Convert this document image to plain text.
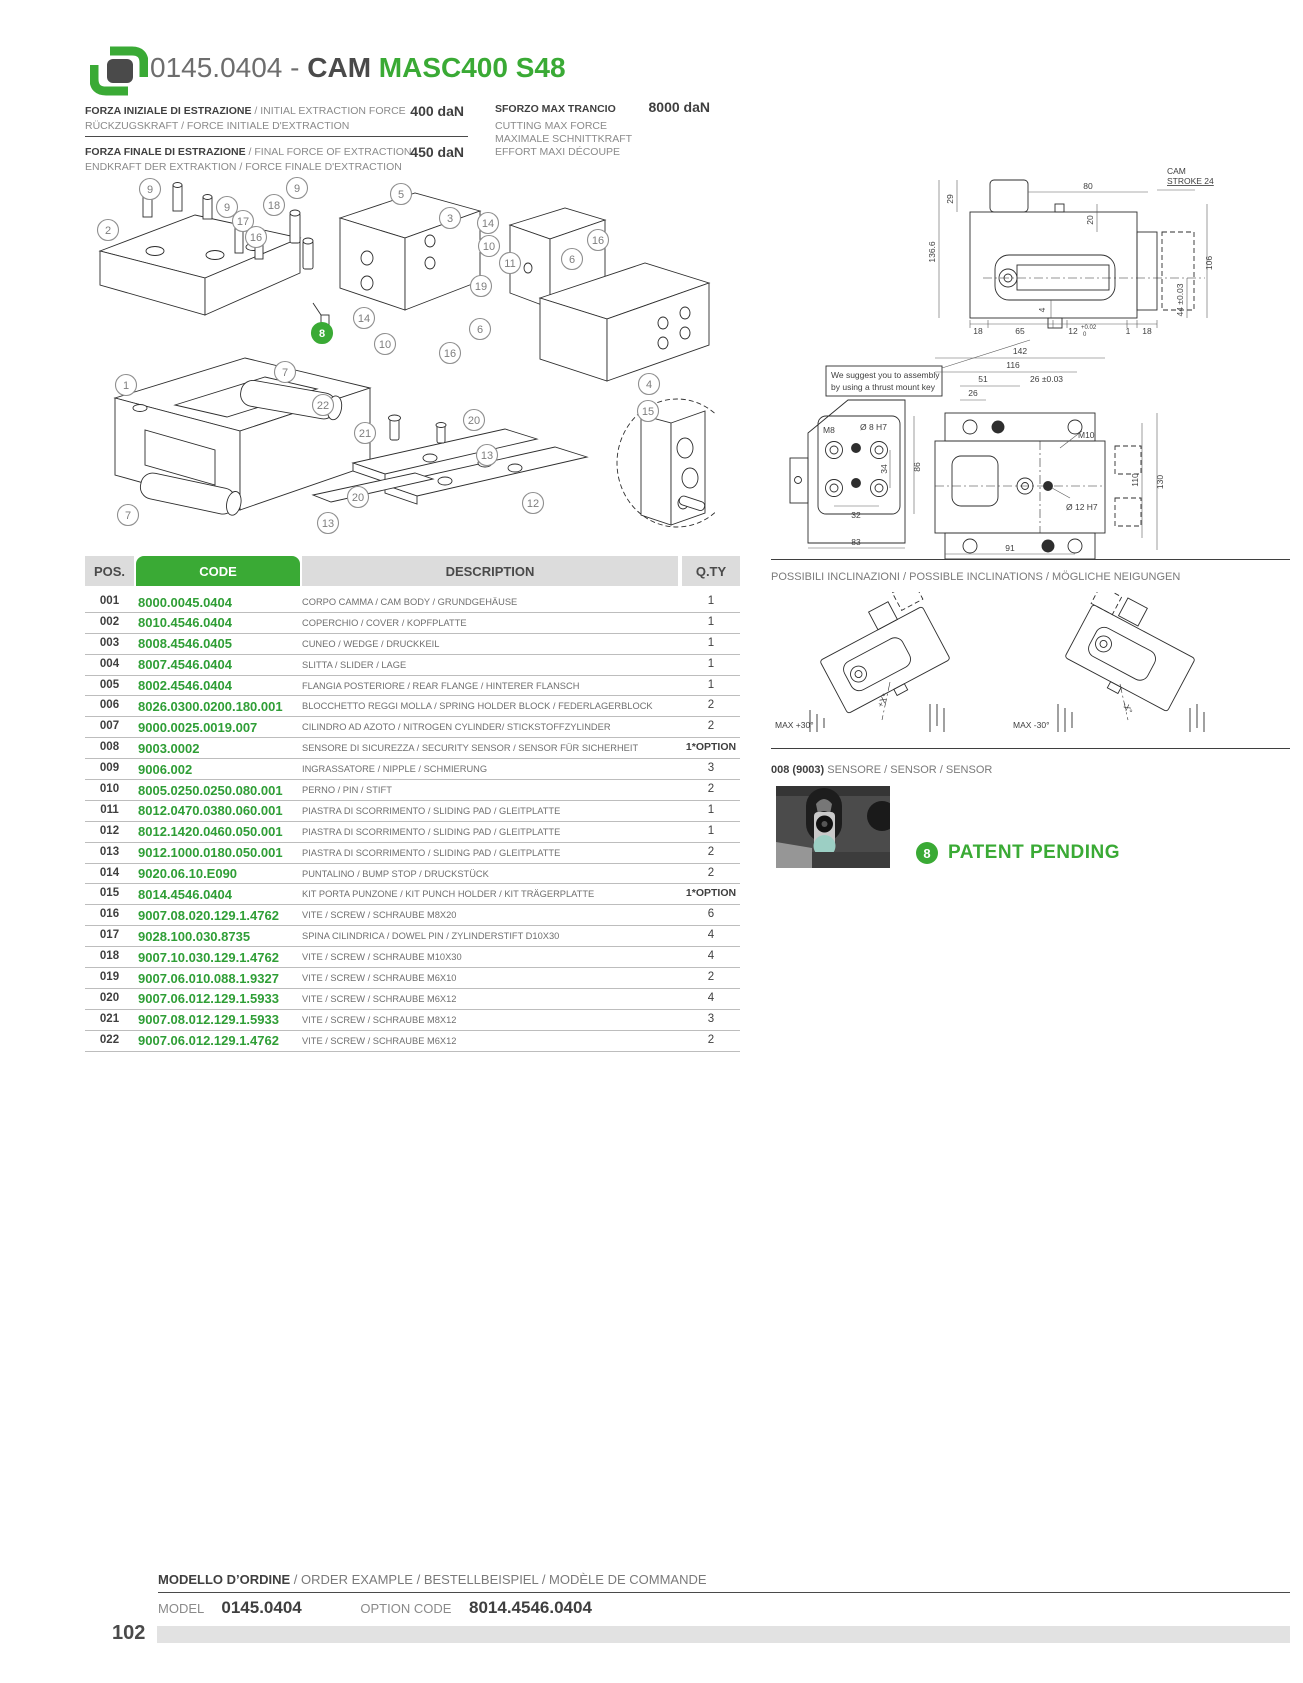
0145.0404 - CAM MASC400 S48
FORZA INIZIALE DI ESTRAZIONE / INITIAL EXTRACTION FORCE
RÜCKZUGSKRAFT / FORCE INITIALE D'EXTRACTION
400 daN
FORZA FINALE DI ESTRAZIONE / FINAL FORCE OF EXTRACTION
ENDKRAFT DER EXTRAKTION / FORCE FINALE D'EXTRACTION
450 daN
SFORZO MAX TRANCIO 8000 daN
CUTTING MAX FORCE
MAXIMALE SCHNITTKRAFT
EFFORT MAXI DÉCOUPE
9
2
9
17
16
18
9	5
3	14
10
11
19
16
6
6
16
14
10
4
15
1
7
22
21
20
13
20
13
7
12
8
CAM
STROKE 24
29
136.6
80
20
106
44 ±0.03
4
18	65	12 +0.02
0	1 18
We suggest you to assembly
by using a thrust mount key
M8	Ø 8 H7
34	86
32
83
142
116
51	26 ±0.03
26
M10
Ø 12 H7
110 130
91
POSSIBILI INCLINAZIONI / POSSIBLE INCLINATIONS / MÖGLICHE NEIGUNGEN
+X°
MAX +30°
-X°
MAX -30°
008 (9003) SENSORE / SENSOR / SENSOR
8 PATENT PENDING
POS.	CODE	DESCRIPTION	Q.TY
001	8000.0045.0404	CORPO CAMMA / CAM BODY / GRUNDGEHÄUSE	1
002	8010.4546.0404	COPERCHIO / COVER / KOPFPLATTE	1
003	8008.4546.0405	CUNEO / WEDGE / DRUCKKEIL	1
004	8007.4546.0404	SLITTA / SLIDER / LAGE	1
005	8002.4546.0404	FLANGIA POSTERIORE / REAR FLANGE / HINTERER FLANSCH	1
006	8026.0300.0200.180.001 BLOCCHETTO REGGI MOLLA / SPRING HOLDER BLOCK / FEDERLAGERBLOCK	2
007	9000.0025.0019.007	CILINDRO AD AZOTO / NITROGEN CYLINDER/ STICKSTOFFZYLINDER	2
008	9003.0002	SENSORE DI SICUREZZA / SECURITY SENSOR / SENSOR FÜR SICHERHEIT	1*OPTION
009	9006.002	INGRASSATORE / NIPPLE / SCHMIERUNG	3
010	8005.0250.0250.080.001 PERNO / PIN / STIFT	2
011	8012.0470.0380.060.001 PIASTRA DI SCORRIMENTO / SLIDING PAD / GLEITPLATTE	1
012	8012.1420.0460.050.001 PIASTRA DI SCORRIMENTO / SLIDING PAD / GLEITPLATTE	1
013	9012.1000.0180.050.001 PIASTRA DI SCORRIMENTO / SLIDING PAD / GLEITPLATTE	2
014	9020.06.10.E090	PUNTALINO / BUMP STOP / DRUCKSTÜCK	2
015	8014.4546.0404	KIT PORTA PUNZONE / KIT PUNCH HOLDER / KIT TRÄGERPLATTE	1*OPTION
016	9007.08.020.129.1.4762 VITE / SCREW / SCHRAUBE M8X20	6
017	9028.100.030.8735	SPINA CILINDRICA / DOWEL PIN / ZYLINDERSTIFT D10X30	4
018	9007.10.030.129.1.4762 VITE / SCREW / SCHRAUBE M10X30	4
019	9007.06.010.088.1.9327 VITE / SCREW / SCHRAUBE M6X10	2
020	9007.06.012.129.1.5933 VITE / SCREW / SCHRAUBE M6X12	4
021	9007.08.012.129.1.5933 VITE / SCREW / SCHRAUBE M8X12	3
022	9007.06.012.129.1.4762 VITE / SCREW / SCHRAUBE M6X12	2
MODELLO D’ORDINE / ORDER EXAMPLE / BESTELLBEISPIEL / MODÈLE DE COMMANDE
MODEL 0145.0404	OPTION CODE 8014.4546.0404
102
